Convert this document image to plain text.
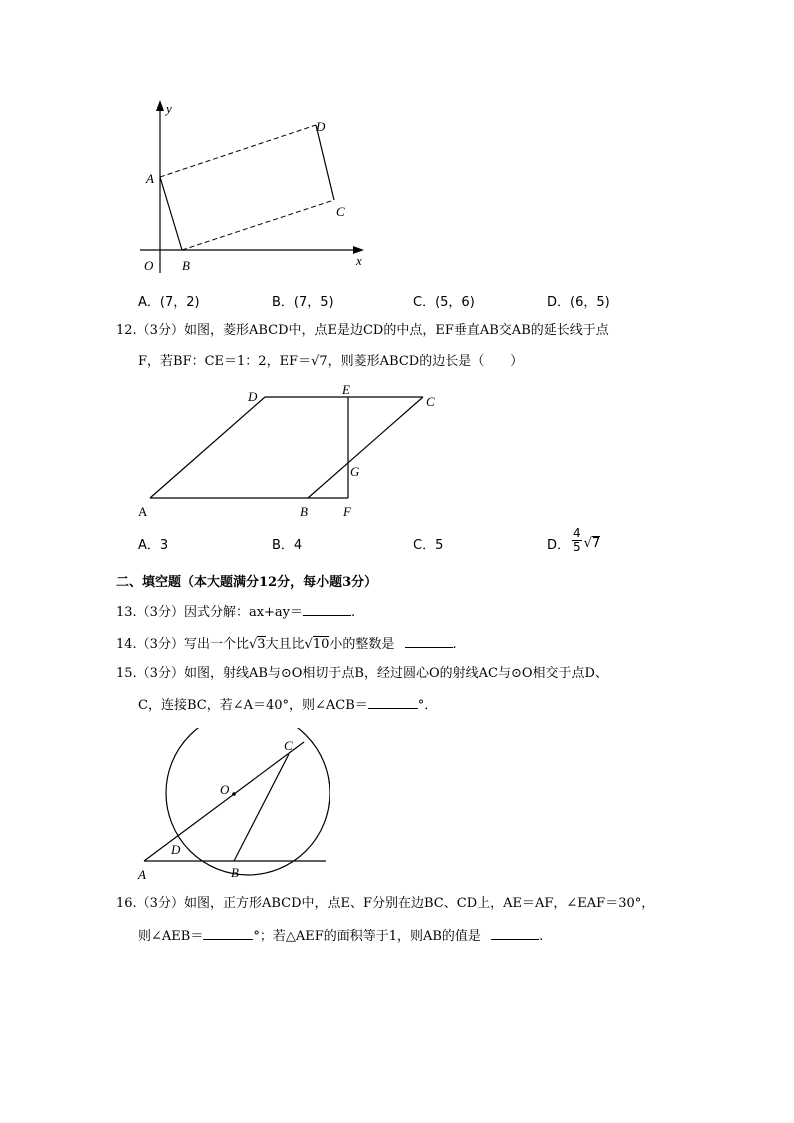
y
x
O
A
B
C
D
A．(7，2)	B．(7，5)	C．(5，6)	D．(6，5)
12.（3分）如图，菱形ABCD中，点E是边CD的中点，EF垂直AB交AB的延长线于点
F，若BF：CE＝1：2，EF＝√7，则菱形ABCD的边长是（　　）
A	B
C
D	E
F
G
A．3	B．4	C．5	D． $\frac{4}{5}$ √ 7
二、填空题（本大题满分12分，每小题3分）
13.（3分）因式分解：ax+ay＝	.
14.（3分）写出一个比√3大且比√10小的整数是	.
15.（3分）如图，射线AB与⊙O相切于点B，经过圆心O的射线AC与⊙O相交于点D、
C，连接BC，若∠A＝40°，则∠ACB＝	°．
O
A	B
C
D
16.（3分）如图，正方形ABCD中，点E、F分别在边BC、CD上，AE＝AF，∠EAF＝30°，
则∠AEB＝	°；若△AEF的面积等于1，则AB的值是	.
